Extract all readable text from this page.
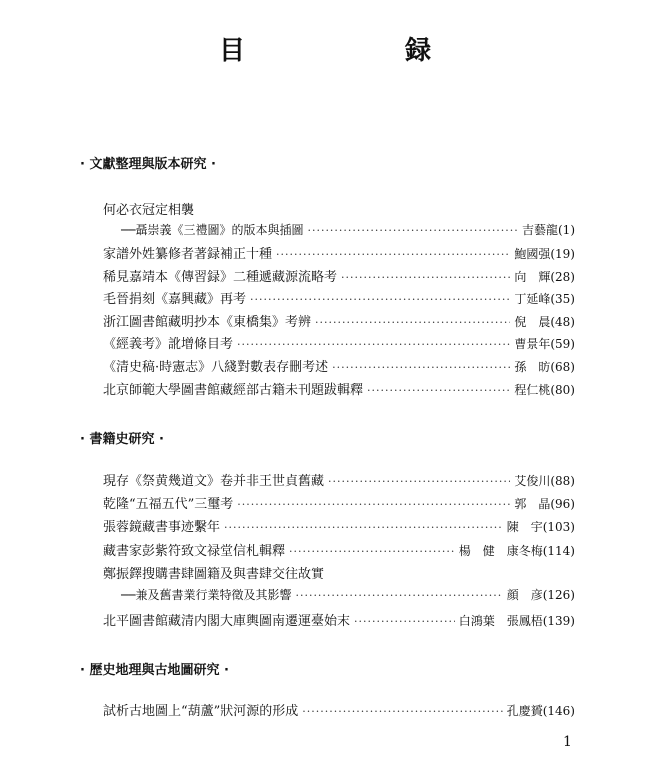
目　　録
· 文獻整理與版本研究 ·
何必衣冠定相襲
──聶崇義《三禮圖》的版本與插圖 ·····	吉藝龍(1)
家譜外姓纂修者著録補正十種 ·····	鮑國强(19)
稀見嘉靖本《傳習録》二種遞藏源流略考 ·····	向　輝(28)
毛晉捐刻《嘉興藏》再考 ·····	丁延峰(35)
浙江圖書館藏明抄本《東橋集》考辨 ·····	倪　晨(48)
《經義考》訛增條目考 ·····	曹景年(59)
《清史稿·時憲志》八綫對數表存刪考述 ·····	孫　昉(68)
北京師範大學圖書館藏經部古籍未刊題跋輯釋 ·····	程仁桃(80)
· 書籍史研究 ·
現存《祭黄幾道文》卷并非王世貞舊藏 ·····	艾俊川(88)
乾隆“五福五代”三璽考 ·····	郭　晶(96)
張蓉鏡藏書事迹繫年 ·····	陳　宇(103)
藏書家彭紫符致文禄堂信札輯釋 ·····	楊　健　康冬梅(114)
鄭振鐸搜購書肆圖籍及與書肆交往故實
──兼及舊書業行業特徵及其影響 ·····	顔　彦(126)
北平圖書館藏清内閣大庫輿圖南遷運臺始末 ·····	白鴻葉　張鳳梧(139)
· 歷史地理與古地圖研究 ·
試析古地圖上“葫蘆”狀河源的形成 ·····	孔慶贇(146)
1
